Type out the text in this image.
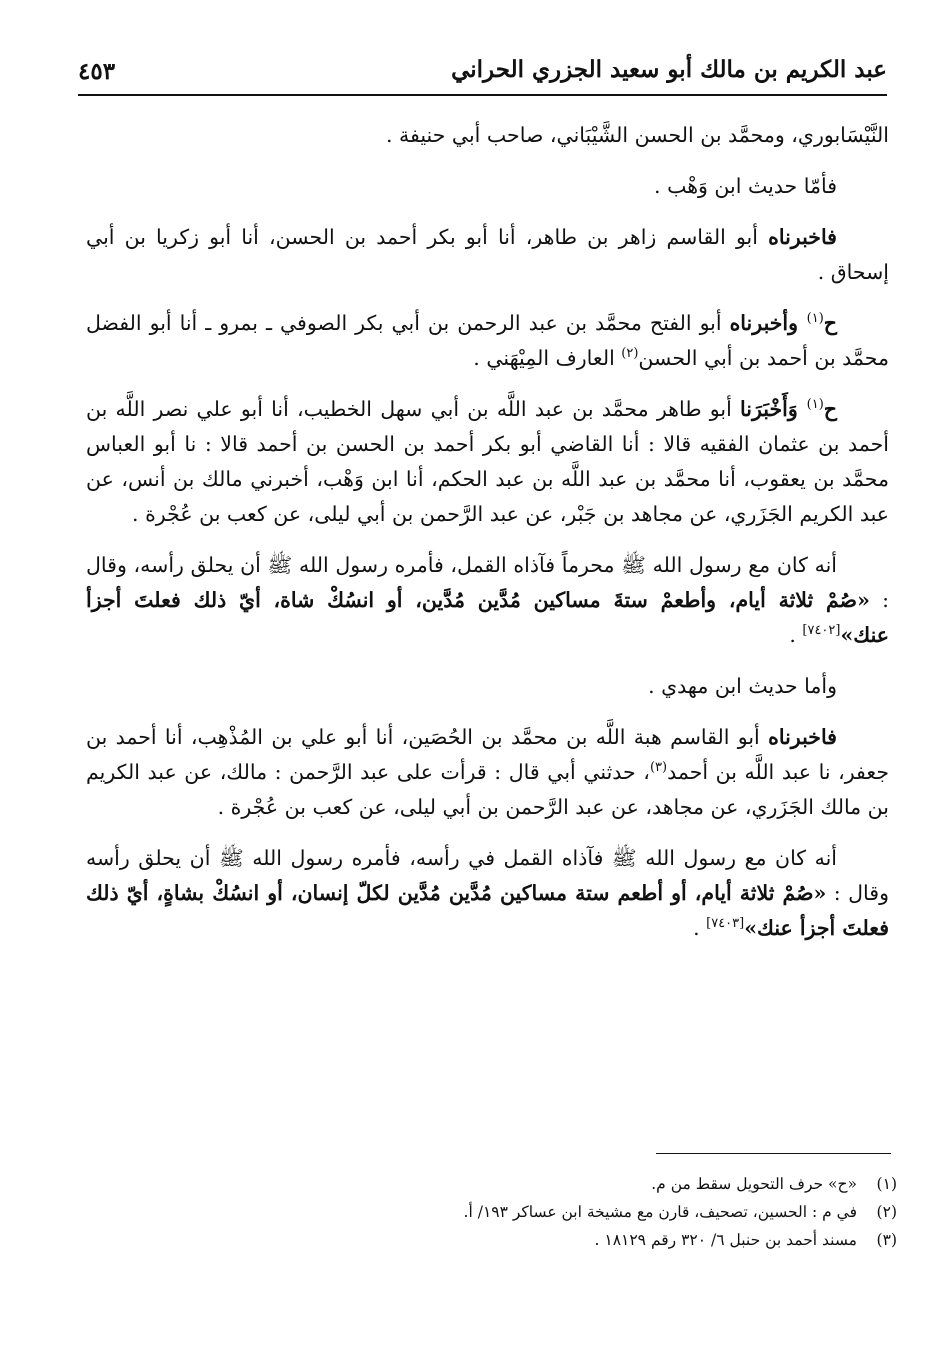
عبد الكريم بن مالك أبو سعيد الجزري الحراني
٤٥٣

النَّيْسَابوري، ومحمَّد بن الحسن الشَّيْبَاني، صاحب أبي حنيفة .

فأمّا حديث ابن وَهْب .

فاخبرناه أبو القاسم زاهر بن طاهر، أنا أبو بكر أحمد بن الحسن، أنا أبو زكريا بن أبي إسحاق .

ح$^{(١)}$ وأخبرناه أبو الفتح محمَّد بن عبد الرحمن بن أبي بكر الصوفي ـ بمرو ـ أنا أبو الفضل محمَّد بن أحمد بن أبي الحسن$^{(٢)}$ العارف المِيْهَني .

ح$^{(١)}$ وَأَخْبَرَنا أبو طاهر محمَّد بن عبد اللَّه بن أبي سهل الخطيب، أنا أبو علي نصر اللَّه بن أحمد بن عثمان الفقيه قالا : أنا القاضي أبو بكر أحمد بن الحسن بن أحمد قالا : نا أبو العباس محمَّد بن يعقوب، أنا محمَّد بن عبد اللَّه بن عبد الحكم، أنا ابن وَهْب، أخبرني مالك بن أنس، عن عبد الكريم الجَزَري، عن مجاهد بن جَبْر، عن عبد الرَّحمن بن أبي ليلى، عن كعب بن عُجْرة .

أنه كان مع رسول الله ﷺ محرماً فآذاه القمل، فأمره رسول الله ﷺ أن يحلق رأسه، وقال : «صُمْ ثلاثة أيام، وأطعمْ ستةَ مساكين مُدَّين مُدَّين، أو انسُكْ شاة، أيّ ذلك فعلتَ أجزأ عنك»[٧٤٠٢] .

وأما حديث ابن مهدي .

فاخبرناه أبو القاسم هبة اللَّه بن محمَّد بن الحُصَين، أنا أبو علي بن المُذْهِب، أنا أحمد بن جعفر، نا عبد اللَّه بن أحمد$^{(٣)}$، حدثني أبي قال : قرأت على عبد الرَّحمن : مالك، عن عبد الكريم بن مالك الجَزَري، عن مجاهد، عن عبد الرَّحمن بن أبي ليلى، عن كعب بن عُجْرة .

أنه كان مع رسول الله ﷺ فآذاه القمل في رأسه، فأمره رسول الله ﷺ أن يحلق رأسه وقال : «صُمْ ثلاثة أيام، أو أطعم ستة مساكين مُدَّين مُدَّين لكلّ إنسان، أو انسُكْ بشاةٍ، أيّ ذلك فعلتَ أجزأ عنك»[٧٤٠٣] .

(١)«ح» حرف التحويل سقط من م.
(٢)في م : الحسين، تصحيف، قارن مع مشيخة ابن عساكر ١٩٣/ أ.
(٣)مسند أحمد بن حنبل ٦/ ٣٢٠ رقم ١٨١٢٩ .
